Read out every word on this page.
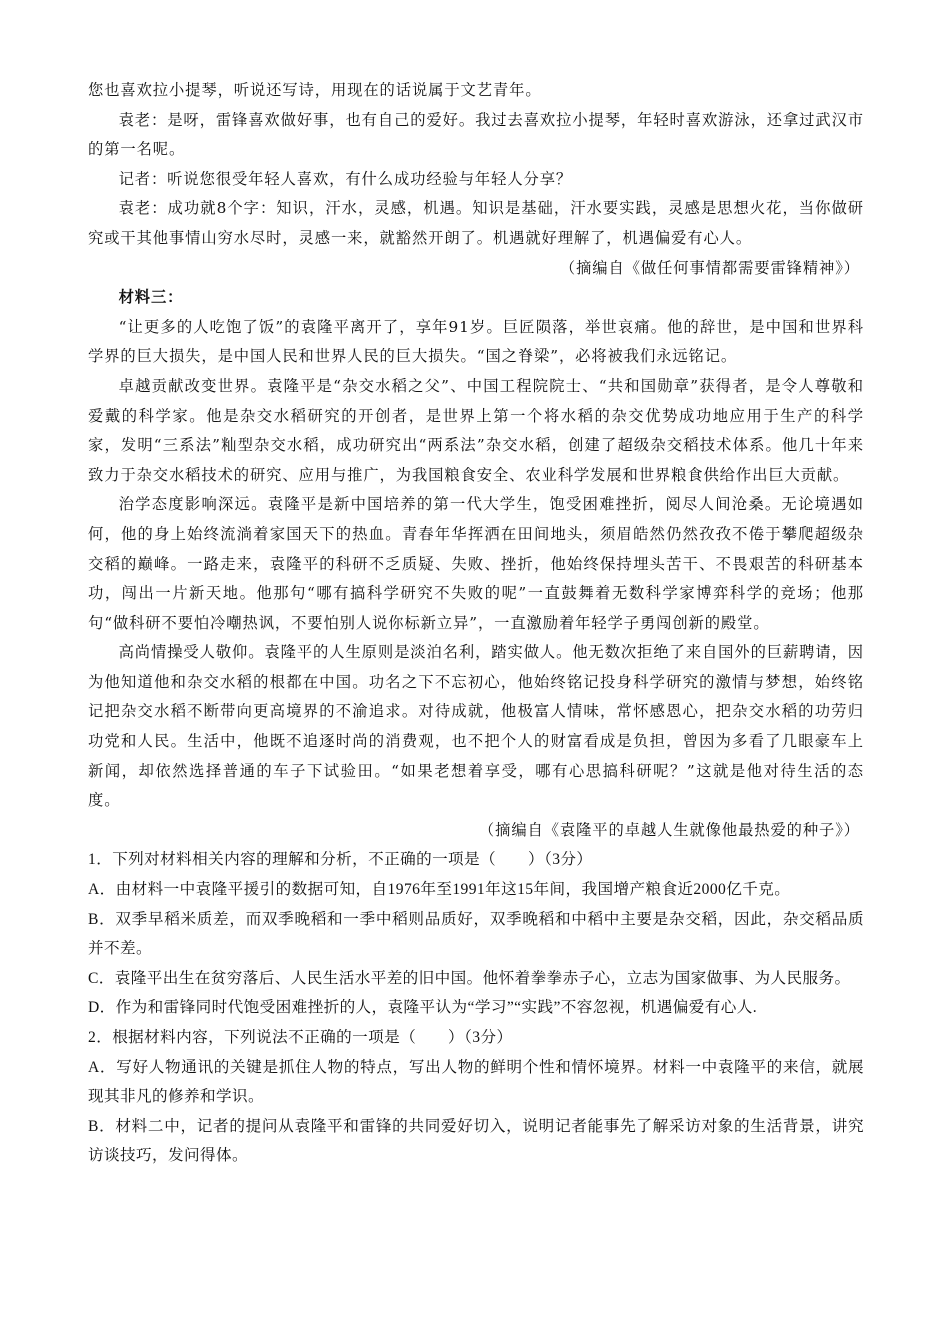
您也喜欢拉小提琴，听说还写诗，用现在的话说属于文艺青年。

袁老：是呀，雷锋喜欢做好事，也有自己的爱好。我过去喜欢拉小提琴，年轻时喜欢游泳，还拿过武汉市的第一名呢。

记者：听说您很受年轻人喜欢，有什么成功经验与年轻人分享？

袁老：成功就8个字：知识，汗水，灵感，机遇。知识是基础，汗水要实践，灵感是思想火花，当你做研究或干其他事情山穷水尽时，灵感一来，就豁然开朗了。机遇就好理解了，机遇偏爱有心人。

（摘编自《做任何事情都需要雷锋精神》）

材料三：

“让更多的人吃饱了饭”的袁隆平离开了，享年91岁。巨匠陨落，举世哀痛。他的辞世，是中国和世界科学界的巨大损失，是中国人民和世界人民的巨大损失。“国之脊梁”，必将被我们永远铭记。

卓越贡献改变世界。袁隆平是“杂交水稻之父”、中国工程院院士、“共和国勋章”获得者，是令人尊敬和爱戴的科学家。他是杂交水稻研究的开创者，是世界上第一个将水稻的杂交优势成功地应用于生产的科学家，发明“三系法”籼型杂交水稻，成功研究出“两系法”杂交水稻，创建了超级杂交稻技术体系。他几十年来致力于杂交水稻技术的研究、应用与推广，为我国粮食安全、农业科学发展和世界粮食供给作出巨大贡献。

治学态度影响深远。袁隆平是新中国培养的第一代大学生，饱受困难挫折，阅尽人间沧桑。无论境遇如何，他的身上始终流淌着家国天下的热血。青春年华挥洒在田间地头，须眉皓然仍然孜孜不倦于攀爬超级杂交稻的巅峰。一路走来，袁隆平的科研不乏质疑、失败、挫折，他始终保持埋头苦干、不畏艰苦的科研基本功，闯出一片新天地。他那句“哪有搞科学研究不失败的呢”一直鼓舞着无数科学家博弈科学的竞场；他那句“做科研不要怕冷嘲热讽，不要怕别人说你标新立异”，一直激励着年轻学子勇闯创新的殿堂。

高尚情操受人敬仰。袁隆平的人生原则是淡泊名利，踏实做人。他无数次拒绝了来自国外的巨薪聘请，因为他知道他和杂交水稻的根都在中国。功名之下不忘初心，他始终铭记投身科学研究的激情与梦想，始终铭记把杂交水稻不断带向更高境界的不渝追求。对待成就，他极富人情味，常怀感恩心，把杂交水稻的功劳归功党和人民。生活中，他既不追逐时尚的消费观，也不把个人的财富看成是负担，曾因为多看了几眼豪车上新闻，却依然选择普通的车子下试验田。“如果老想着享受，哪有心思搞科研呢？”这就是他对待生活的态度。

（摘编自《袁隆平的卓越人生就像他最热爱的种子》）

1．下列对材料相关内容的理解和分析，不正确的一项是（　　）（3分）

A．由材料一中袁隆平援引的数据可知，自1976年至1991年这15年间，我国增产粮食近2000亿千克。

B．双季早稻米质差，而双季晚稻和一季中稻则品质好，双季晚稻和中稻中主要是杂交稻，因此，杂交稻品质并不差。

C．袁隆平出生在贫穷落后、人民生活水平差的旧中国。他怀着拳拳赤子心，立志为国家做事、为人民服务。

D．作为和雷锋同时代饱受困难挫折的人，袁隆平认为“学习”“实践”不容忽视，机遇偏爱有心人.

2．根据材料内容，下列说法不正确的一项是（　　）（3分）

A．写好人物通讯的关键是抓住人物的特点，写出人物的鲜明个性和情怀境界。材料一中袁隆平的来信，就展现其非凡的修养和学识。

B．材料二中，记者的提问从袁隆平和雷锋的共同爱好切入，说明记者能事先了解采访对象的生活背景，讲究访谈技巧，发问得体。
